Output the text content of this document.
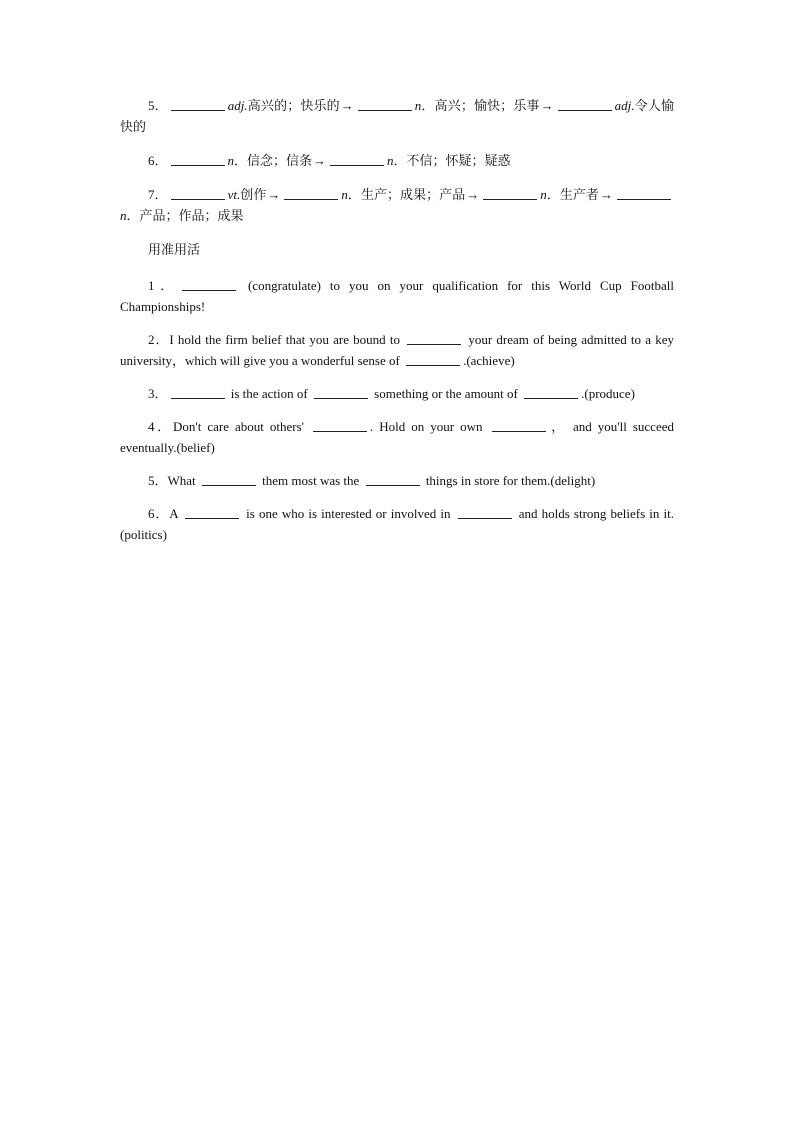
5．	adj.高兴的；快乐的→	n．高兴；愉快；乐事→	adj.令人愉快的

6．	n．信念；信条→	n．不信；怀疑；疑惑

7．	vt.创作→	n．生产；成果；产品→	n．生产者→n．产品；作品；成果

用准用活

1．	(congratulate) to you on your qualification for this World Cup Football Championships!

2．I hold the firm belief that you are bound to	your dream of being admitted to a key university，which will give you a wonderful sense of	.(achieve)

3．	is the action of	something or the amount of	.(produce)

4．Don't care about others'	. Hold on your own	， and you'll succeed eventually.(belief)

5．What	them most was the	things in store for them.(delight)

6．A	is one who is interested or involved in	and holds strong beliefs in it.(politics)
